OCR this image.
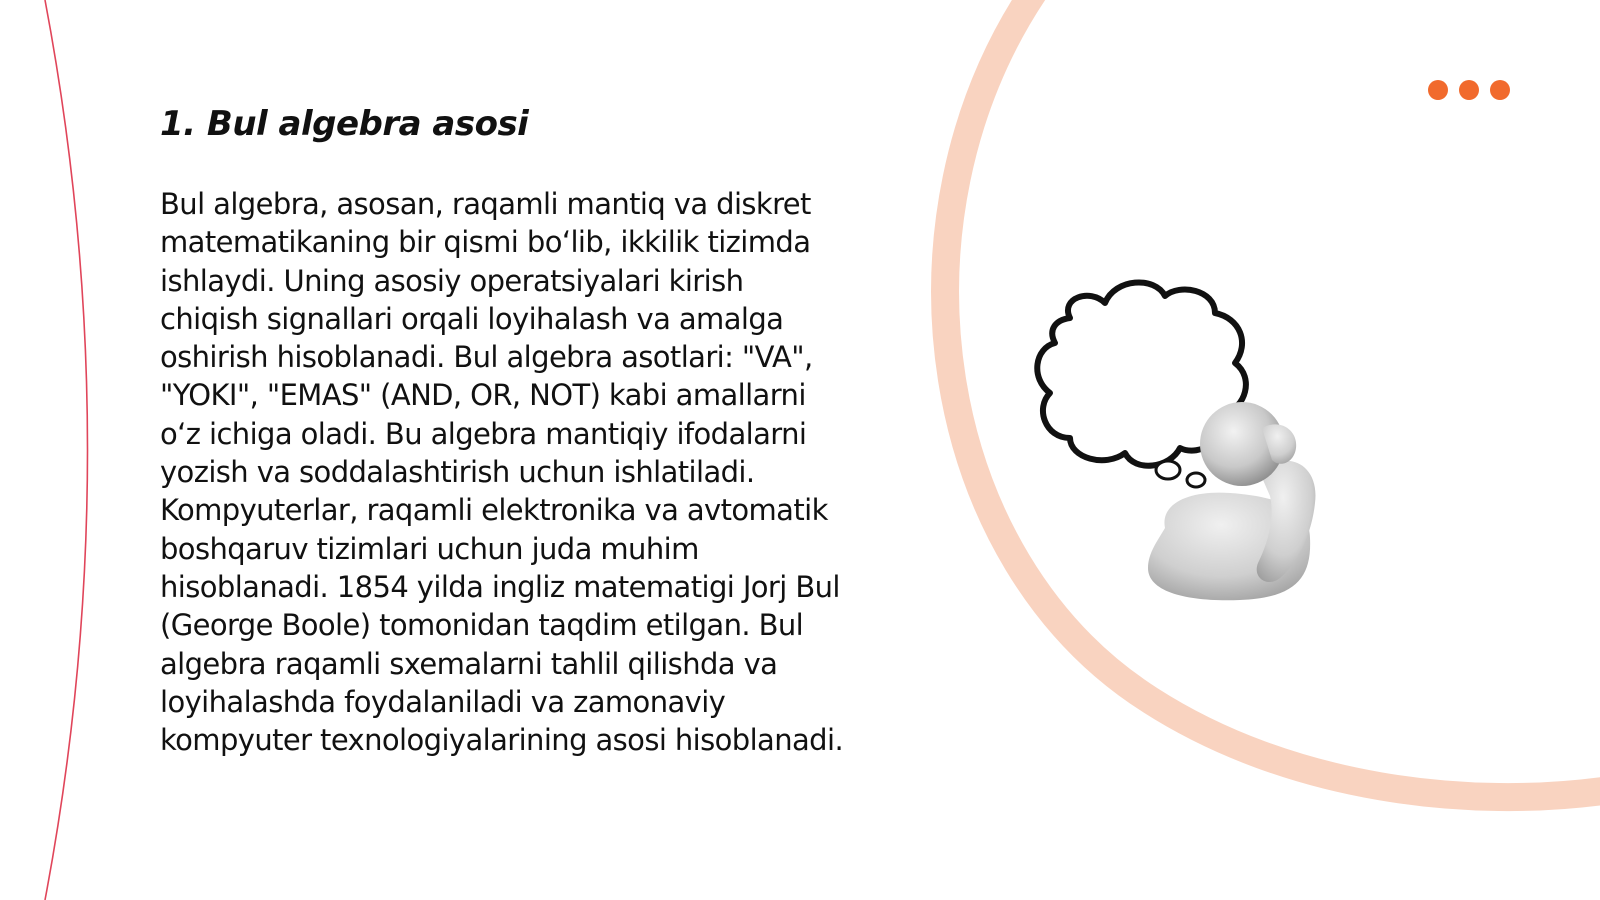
1. Bul algebra asosi

Bul algebra, asosan, raqamli mantiq va diskret matematikaning bir qismi bo‘lib, ikkilik tizimda ishlaydi. Uning asosiy operatsiyalari kirish chiqish signallari orqali loyihalash va amalga oshirish hisoblanadi. Bul algebra asotlari: "VA", "YOKI", "EMAS" (AND, OR, NOT) kabi amallarni o‘z ichiga oladi. Bu algebra mantiqiy ifodalarni yozish va soddalashtirish uchun ishlatiladi. Kompyuterlar, raqamli elektronika va avtomatik boshqaruv tizimlari uchun juda muhim hisoblanadi. 1854 yilda ingliz matematigi Jorj Bul (George Boole) tomonidan taqdim etilgan. Bul algebra raqamli sxemalarni tahlil qilishda va loyihalashda foydalaniladi va zamonaviy kompyuter texnologiyalarining asosi hisoblanadi.
